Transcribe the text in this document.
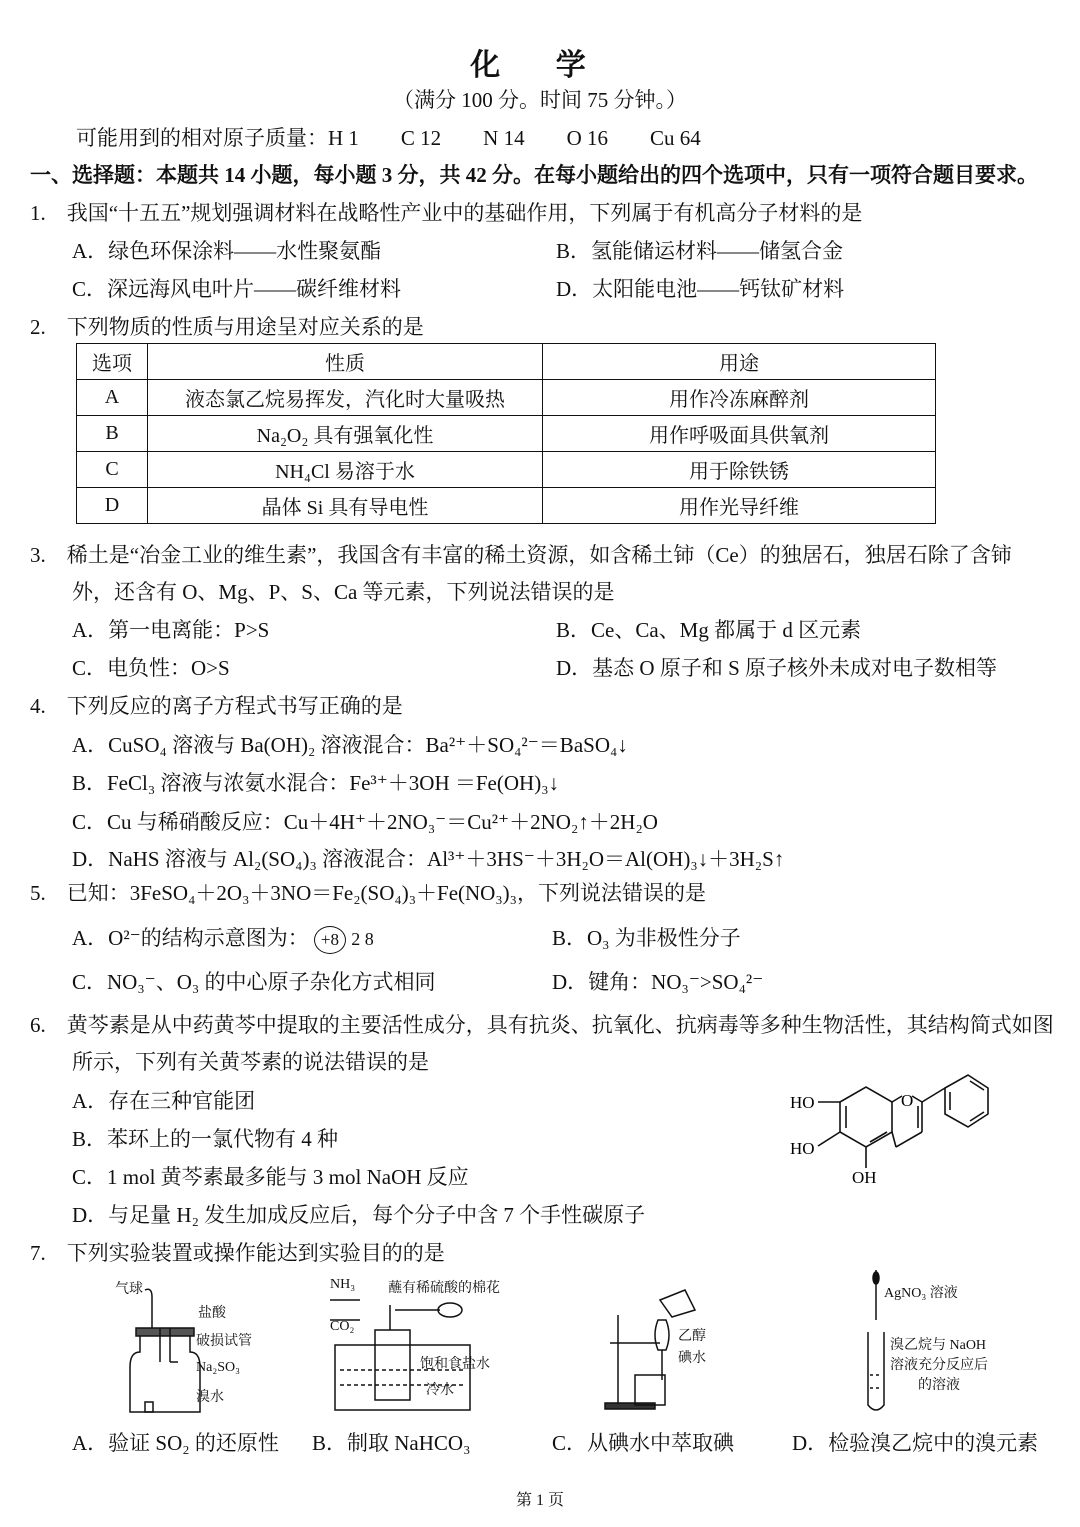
化 学
（满分 100 分。时间 75 分钟。）
可能用到的相对原子质量：H 1　　C 12　　N 14　　O 16　　Cu 64
一、选择题：本题共 14 小题，每小题 3 分，共 42 分。在每小题给出的四个选项中，只有一项符合题目要求。
1.　我国“十五五”规划强调材料在战略性产业中的基础作用，下列属于有机高分子材料的是
A．绿色环保涂料——水性聚氨酯	B．氢能储运材料——储氢合金
C．深远海风电叶片——碳纤维材料	D．太阳能电池——钙钛矿材料
2.　下列物质的性质与用途呈对应关系的是
选项	性质	用途
A	液态氯乙烷易挥发，汽化时大量吸热	用作冷冻麻醉剂
B	Na₂O₂ 具有强氧化性	用作呼吸面具供氧剂
C	NH₄Cl 易溶于水	用于除铁锈
D	晶体 Si 具有导电性	用作光导纤维
3.　稀土是“冶金工业的维生素”，我国含有丰富的稀土资源，如含稀土铈（Ce）的独居石，独居石除了含铈
外，还含有 O、Mg、P、S、Ca 等元素，下列说法错误的是
A．第一电离能：P>S	B．Ce、Ca、Mg 都属于 d 区元素
C．电负性：O>S	D．基态 O 原子和 S 原子核外未成对电子数相等
4.　下列反应的离子方程式书写正确的是
A．CuSO₄ 溶液与 Ba(OH)₂ 溶液混合：Ba²⁺＋SO₄²⁻＝BaSO₄↓
B．FeCl₃ 溶液与浓氨水混合：Fe³⁺＋3OH ＝Fe(OH)₃↓
C．Cu 与稀硝酸反应：Cu＋4H⁺＋2NO₃⁻＝Cu²⁺＋2NO₂↑＋2H₂O
D．NaHS 溶液与 Al₂(SO₄)₃ 溶液混合：Al³⁺＋3HS⁻＋3H₂O＝Al(OH)₃↓＋3H₂S↑
5.　已知：3FeSO₄＋2O₃＋3NO＝Fe₂(SO₄)₃＋Fe(NO₃)₃，下列说法错误的是
A．O²⁻的结构示意图为： +8 2 8	B．O₃ 为非极性分子
C．NO₃⁻、O₃ 的中心原子杂化方式相同	D．键角：NO₃⁻>SO₄²⁻
6.　黄芩素是从中药黄芩中提取的主要活性成分，具有抗炎、抗氧化、抗病毒等多种生物活性，其结构简式如图
所示，下列有关黄芩素的说法错误的是
A．存在三种官能团
B．苯环上的一氯代物有 4 种
C．1 mol 黄芩素最多能与 3 mol NaOH 反应
D．与足量 H₂ 发生加成反应后，每个分子中含 7 个手性碳原子
HO
HO
OH
O
7.　下列实验装置或操作能达到实验目的的是
气球
盐酸
破损试管
Na₂SO₃
溴水
NH₃
CO₂
蘸有稀硫酸的棉花
饱和食盐水
冷水
乙醇
碘水
AgNO₃ 溶液
溴乙烷与 NaOH
溶液充分反应后
的溶液
A．验证 SO₂ 的还原性 B．制取 NaHCO₃	C．从碘水中萃取碘	D．检验溴乙烷中的溴元素
第 1 页
